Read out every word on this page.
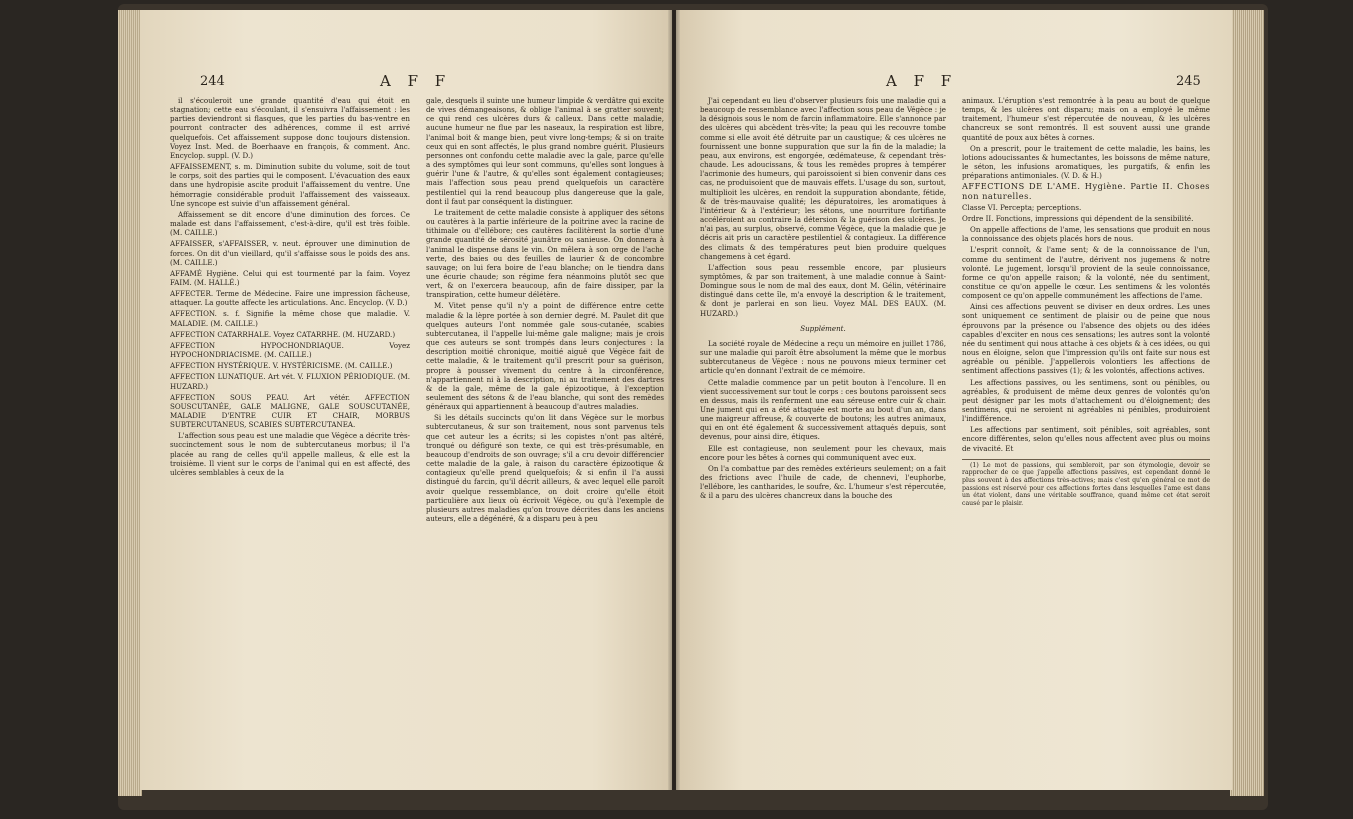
244	A F F

il s'écouleroit une grande quantité d'eau qui étoit en stagnation; cette eau s'écoulant, il s'ensuivra l'affaissement : les parties deviendront si flasques, que les parties du bas-ventre en pourront contracter des adhérences, comme il est arrivé quelquefois. Cet affaissement suppose donc toujours distension. Voyez Inst. Med. de Boerhaave en françois, & comment. Anc. Encyclop. suppl. (V. D.)

AFFAISSEMENT, s. m. Diminution subite du volume, soit de tout le corps, soit des parties qui le composent. L'évacuation des eaux dans une hydropisie ascite produit l'affaissement du ventre. Une hémorragie considérable produit l'affaissement des vaisseaux. Une syncope est suivie d'un affaissement général.

Affaissement se dit encore d'une diminution des forces. Ce malade est dans l'affaissement, c'est-à-dire, qu'il est très foible. (M. CAILLE.)

AFFAISSER, s'AFFAISSER, v. neut. éprouver une diminution de forces. On dit d'un vieillard, qu'il s'affaisse sous le poids des ans. (M. CAILLE.)

AFFAMÉ Hygiène. Celui qui est tourmenté par la faim. Voyez FAIM. (M. HALLÉ.)

AFFECTER. Terme de Médecine. Faire une impression fâcheuse, attaquer. La goutte affecte les articulations. Anc. Encyclop. (V. D.)

AFFECTION. s. f. Signifie la même chose que maladie. V. MALADIE. (M. CAILLE.)

AFFECTION CATARRHALE. Voyez CATARRHE. (M. HUZARD.)

AFFECTION HYPOCHONDRIAQUE. Voyez HYPOCHONDRIACISME. (M. CAILLE.)

AFFECTION HYSTÉRIQUE. V. HYSTÉRICISME. (M. CAILLE.)

AFFECTION LUNATIQUE. Art vét. V. FLUXION PÉRIODIQUE. (M. HUZARD.)

AFFECTION SOUS PEAU. Art vétér. AFFECTION SOUSCUTANÉE, GALE MALIGNE, GALE SOUSCUTANÉE, MALADIE D'ENTRE CUIR ET CHAIR, MORBUS SUBTERCUTANEUS, SCABIES SUBTERCUTANEA.

L'affection sous peau est une maladie que Végèce a décrite très-succinctement sous le nom de subtercutaneus morbus; il l'a placée au rang de celles qu'il appelle malleus, & elle est la troisième. Il vient sur le corps de l'animal qui en est affecté, des ulcères semblables à ceux de la

gale, desquels il suinte une humeur limpide & verdâtre qui excite de vives démangeaisons, & oblige l'animal à se gratter souvent; ce qui rend ces ulcères durs & calleux. Dans cette maladie, aucune humeur ne flue par les naseaux, la respiration est libre, l'animal boit & mange bien, peut vivre long-temps; & si on traite ceux qui en sont affectés, le plus grand nombre guérit. Plusieurs personnes ont confondu cette maladie avec la gale, parce qu'elle a des symptômes qui leur sont communs, qu'elles sont longues à guérir l'une & l'autre, & qu'elles sont également contagieuses; mais l'affection sous peau prend quelquefois un caractère pestilentiel qui la rend beaucoup plus dangereuse que la gale, dont il faut par conséquent la distinguer.

Le traitement de cette maladie consiste à appliquer des sétons ou cautères à la partie inférieure de la poitrine avec la racine de tithimale ou d'ellébore; ces cautères facilitèrent la sortie d'une grande quantité de sérosité jaunâtre ou sanieuse. On donnera à l'animal le dispense dans le vin. On mêlera à son orge de l'ache verte, des baies ou des feuilles de laurier & de concombre sauvage; on lui fera boire de l'eau blanche; on le tiendra dans une écurie chaude; son régime fera néanmoins plutôt sec que vert, & on l'exercera beaucoup, afin de faire dissiper, par la transpiration, cette humeur délétère.

M. Vitet pense qu'il n'y a point de différence entre cette maladie & la lèpre portée à son dernier degré. M. Paulet dit que quelques auteurs l'ont nommée gale sous-cutanée, scabies subtercutanea, il l'appelle lui-même gale maligne; mais je crois que ces auteurs se sont trompés dans leurs conjectures : la description moitié chronique, moitié aiguë que Végèce fait de cette maladie, & le traitement qu'il prescrit pour sa guérison, propre à pousser vivement du centre à la circonférence, n'appartiennent ni à la description, ni au traitement des dartres & de la gale, même de la gale épizootique, à l'exception seulement des sétons & de l'eau blanche, qui sont des remèdes généraux qui appartiennent à beaucoup d'autres maladies.

Si les détails succincts qu'on lit dans Végèce sur le morbus subtercutaneus, & sur son traitement, nous sont parvenus tels que cet auteur les a écrits; si les copistes n'ont pas altéré, tronqué ou défiguré son texte, ce qui est très-présumable, en beaucoup d'endroits de son ouvrage; s'il a cru devoir différencier cette maladie de la gale, à raison du caractère épizootique & contagieux qu'elle prend quelquefois; & si enfin il l'a aussi distingué du farcin, qu'il décrit ailleurs, & avec lequel elle paroît avoir quelque ressemblance, on doit croire qu'elle étoit particulière aux lieux où écrivoit Végèce, ou qu'à l'exemple de plusieurs autres maladies qu'on trouve décrites dans les anciens auteurs, elle a dégénéré, & a disparu peu à peu

A F F	245

J'ai cependant eu lieu d'observer plusieurs fois une maladie qui a beaucoup de ressemblance avec l'affection sous peau de Végèce : je la désignois sous le nom de farcin inflammatoire. Elle s'annonce par des ulcères qui abcèdent très-vîte; la peau qui les recouvre tombe comme si elle avoit été détruite par un caustique; & ces ulcères ne fournissent une bonne suppuration que sur la fin de la maladie; la peau, aux environs, est engorgée, œdémateuse, & cependant très-chaude. Les adoucissans, & tous les remèdes propres à tempérer l'acrimonie des humeurs, qui paroissoient si bien convenir dans ces cas, ne produisoient que de mauvais effets. L'usage du son, surtout, multiplioit les ulcères, en rendoit la suppuration abondante, fétide, & de très-mauvaise qualité; les dépuratoires, les aromatiques à l'intérieur & à l'extérieur; les sétons, une nourriture fortifiante accéléroient au contraire la détersion & la guérison des ulcères. Je n'ai pas, au surplus, observé, comme Végèce, que la maladie que je décris ait pris un caractère pestilentiel & contagieux. La différence des climats & des températures peut bien produire quelques changemens à cet égard.

L'affection sous peau ressemble encore, par plusieurs symptômes, & par son traitement, à une maladie connue à Saint-Domingue sous le nom de mal des eaux, dont M. Gélin, vétérinaire distingué dans cette île, m'a envoyé la description & le traitement, & dont je parlerai en son lieu. Voyez MAL DES EAUX. (M. HUZARD.)

Supplément.

La société royale de Médecine a reçu un mémoire en juillet 1786, sur une maladie qui paroît être absolument la même que le morbus subtercutaneus de Végèce : nous ne pouvons mieux terminer cet article qu'en donnant l'extrait de ce mémoire.

Cette maladie commence par un petit bouton à l'encolure. Il en vient successivement sur tout le corps : ces boutons paroissent secs en dessus, mais ils renferment une eau séreuse entre cuir & chair. Une jument qui en a été attaquée est morte au bout d'un an, dans une maigreur affreuse, & couverte de boutons; les autres animaux, qui en ont été également & successivement attaqués depuis, sont devenus, pour ainsi dire, étiques.

Elle est contagieuse, non seulement pour les chevaux, mais encore pour les bêtes à cornes qui communiquent avec eux.

On l'a combattue par des remèdes extérieurs seulement; on a fait des frictions avec l'huile de cade, de chennevi, l'euphorbe, l'ellébore, les cantharides, le soufre, &c. L'humeur s'est répercutée, & il a paru des ulcères chancreux dans la bouche des

animaux. L'éruption s'est remontrée à la peau au bout de quelque temps, & les ulcères ont disparu; mais on a employé le même traitement, l'humeur s'est répercutée de nouveau, & les ulcères chancreux se sont remontrés. Il est souvent aussi une grande quantité de poux aux bêtes à cornes.

On a prescrit, pour le traitement de cette maladie, les bains, les lotions adoucissantes & humectantes, les boissons de même nature, le séton, les infusions aromatiques, les purgatifs, & enfin les préparations antimoniales. (V. D. & H.)

AFFECTIONS DE L'AME. Hygiène. Partie II. Choses non naturelles.

Classe VI. Percepta; perceptions.

Ordre II. Fonctions, impressions qui dépendent de la sensibilité.

On appelle affections de l'ame, les sensations que produit en nous la connoissance des objets placés hors de nous.

L'esprit connoît, & l'ame sent; & de la connoissance de l'un, comme du sentiment de l'autre, dérivent nos jugemens & notre volonté. Le jugement, lorsqu'il provient de la seule connoissance, forme ce qu'on appelle raison; & la volonté, née du sentiment, constitue ce qu'on appelle le cœur. Les sentimens & les volontés composent ce qu'on appelle communément les affections de l'ame.

Ainsi ces affections peuvent se diviser en deux ordres. Les unes sont uniquement ce sentiment de plaisir ou de peine que nous éprouvons par la présence ou l'absence des objets ou des idées capables d'exciter en nous ces sensations; les autres sont la volonté née du sentiment qui nous attache à ces objets & à ces idées, ou qui nous en éloigne, selon que l'impression qu'ils ont faite sur nous est agréable ou pénible. J'appellerois volontiers les affections de sentiment affections passives (1); & les volontés, affections actives.

Les affections passives, ou les sentimens, sont ou pénibles, ou agréables, & produisent de même deux genres de volontés qu'on peut désigner par les mots d'attachement ou d'éloignement; des sentimens, qui ne seroient ni agréables ni pénibles, produiroient l'indifférence.

Les affections par sentiment, soit pénibles, soit agréables, sont encore différentes, selon qu'elles nous affectent avec plus ou moins de vivacité. Et

(1) Le mot de passions, qui sembleroit, par son étymologie, devoir se rapprocher de ce que j'appelle affections passives, est cependant donné le plus souvent à des affections très-actives; mais c'est qu'en général ce mot de passions est réservé pour ces affections fortes dans lesquelles l'ame est dans un état violent, dans une véritable souffrance, quand même cet état seroit causé par le plaisir.
